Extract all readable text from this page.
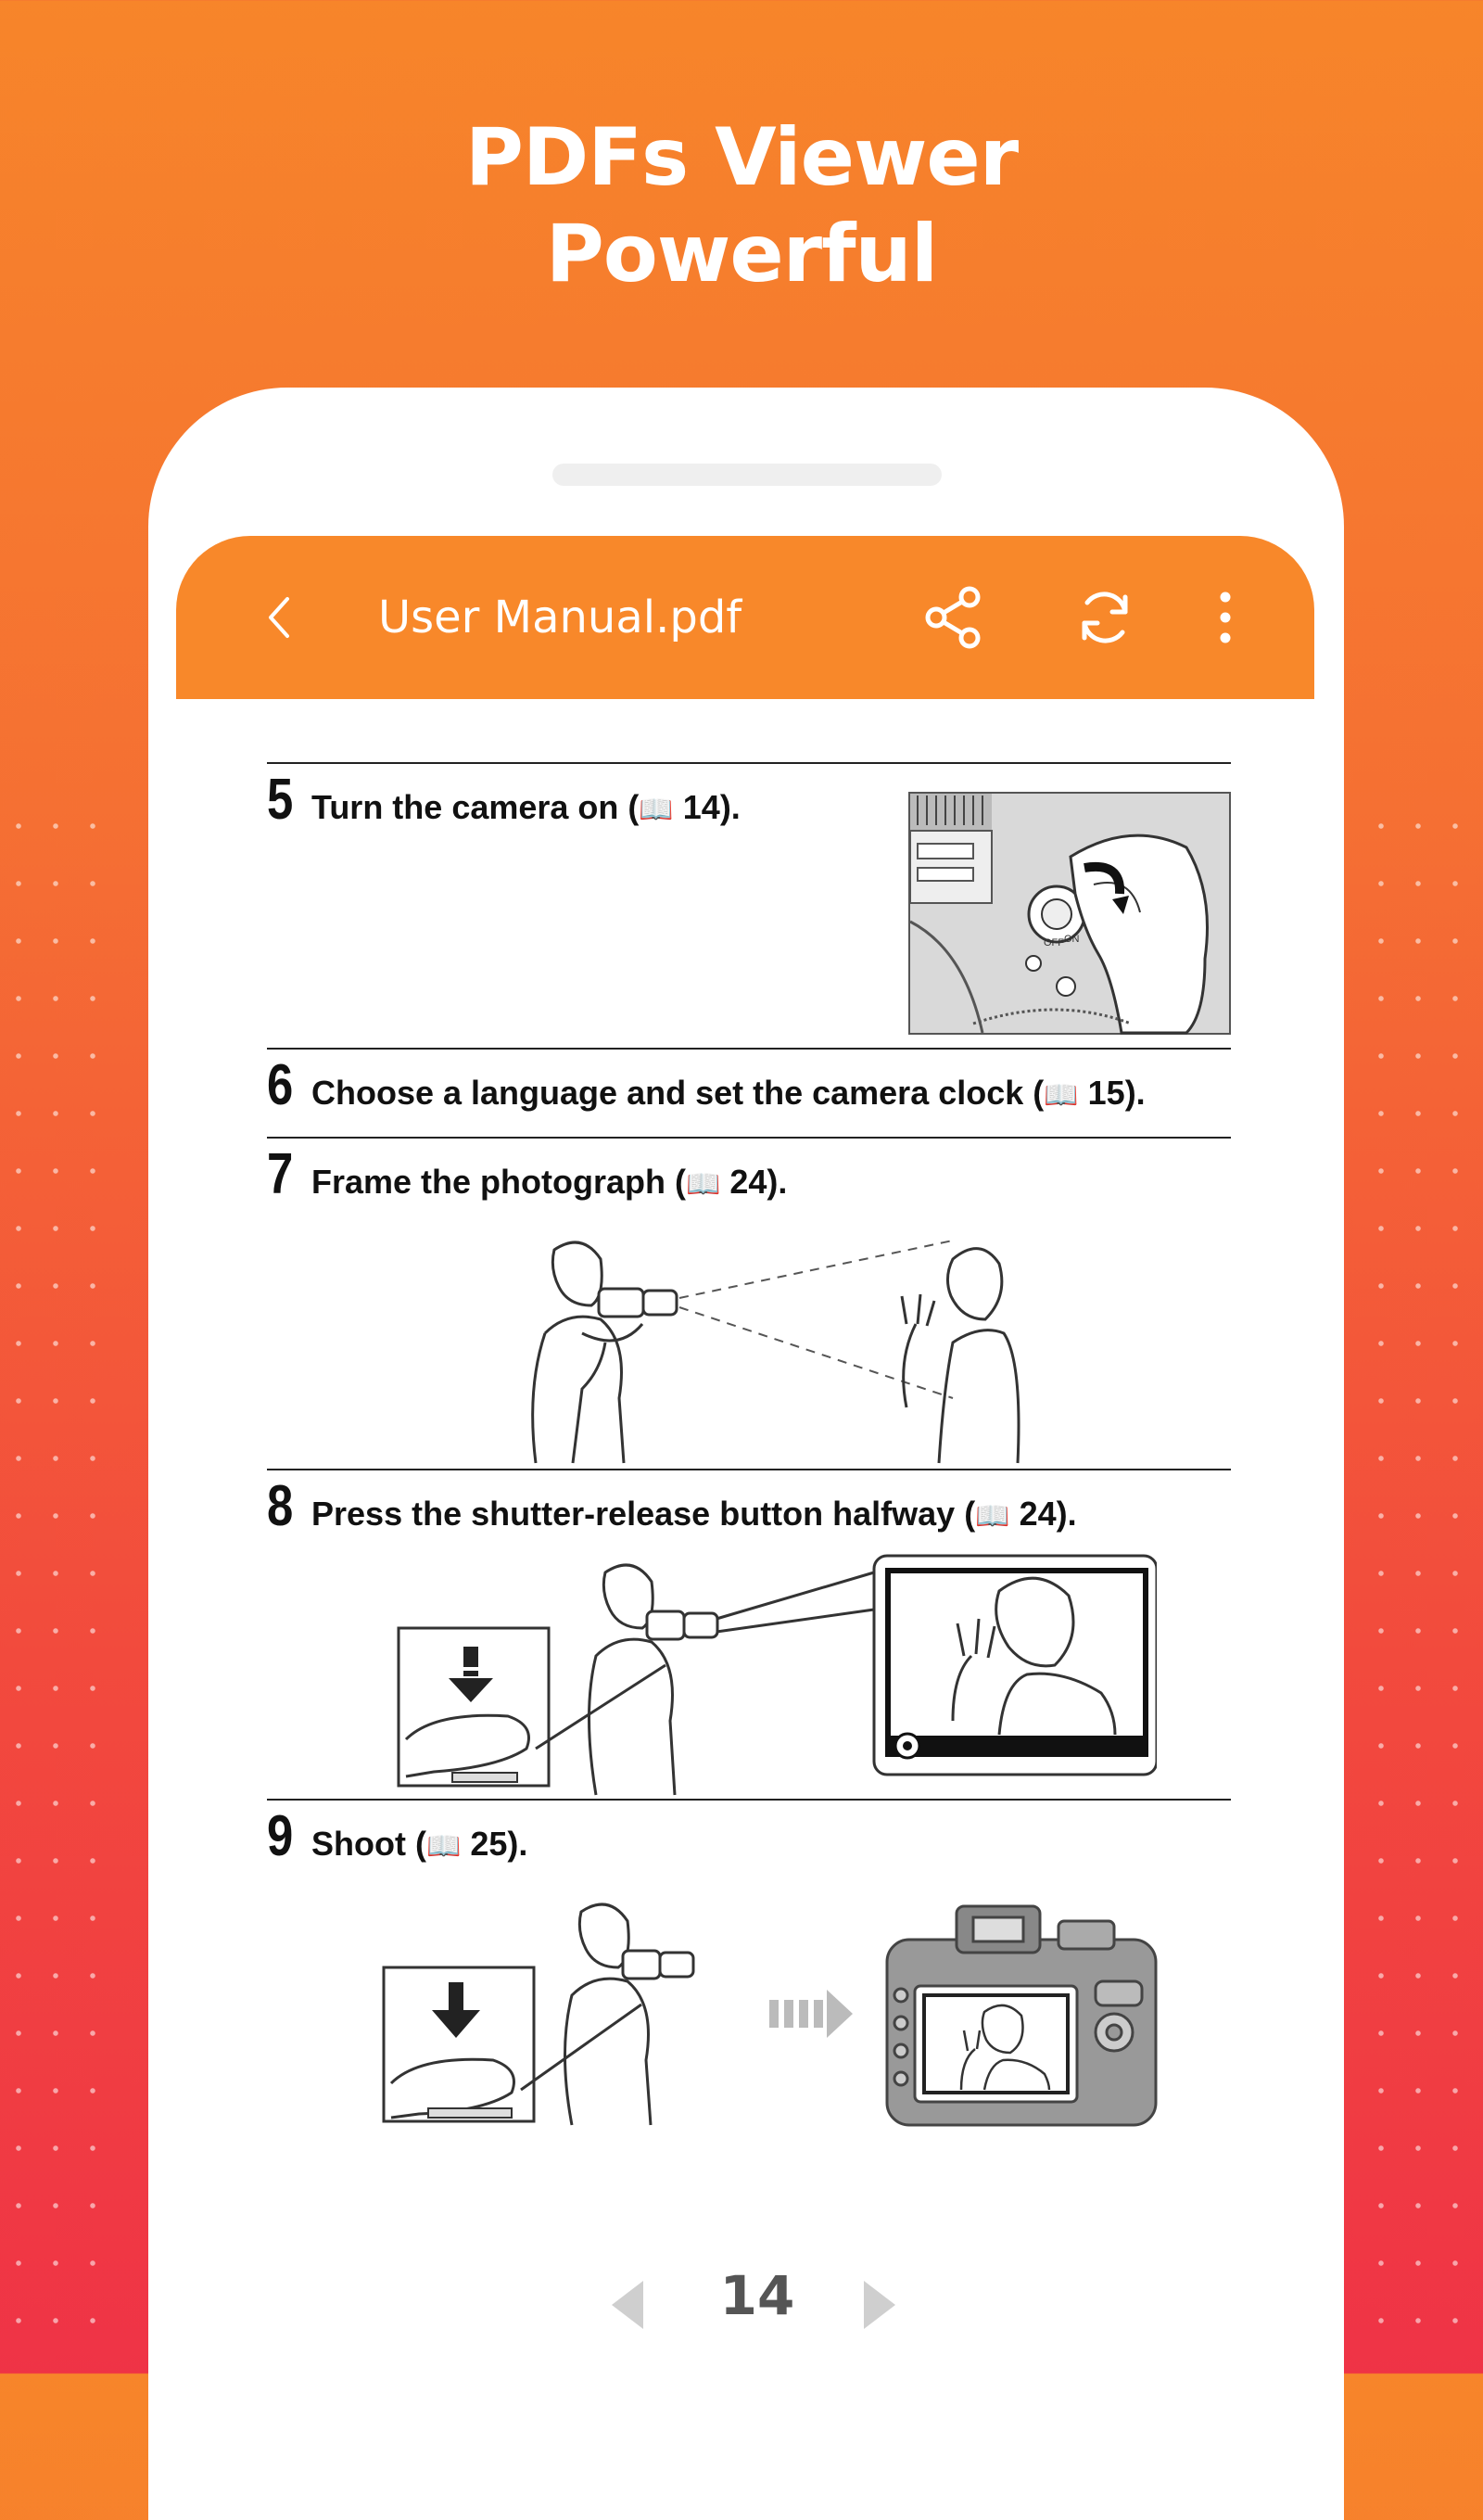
PDFs Viewer
Powerful
User Manual.pdf
5 Turn the camera on (📖 14).
OFF ON
6 Choose a language and set the camera clock (📖 15).
7 Frame the photograph (📖 24).
8 Press the shutter-release button halfway (📖 24).
9 Shoot (📖 25).
14
